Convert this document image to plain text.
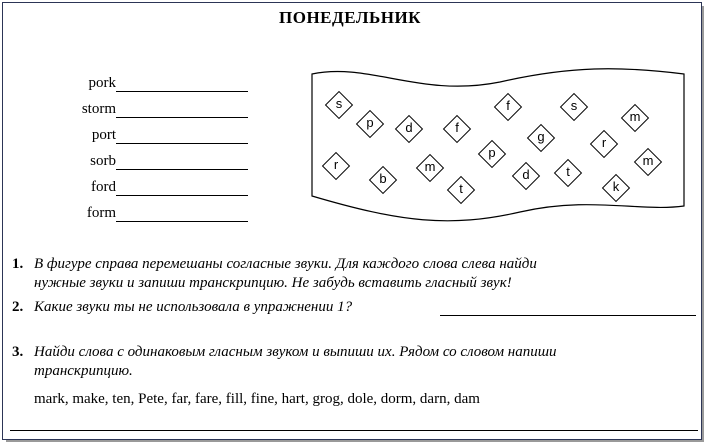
ПОНЕДЕЛЬНИК
pork
storm
port
sorb
ford
form
s
p	d	f
f
g
s
m
p
r
r
b
m
t
d	t
k
m
1. В фигуре справа перемешаны согласные звуки. Для каждого слова слева найди
нужные звуки и запиши транскрипцию. Не забудь вставить гласный звук!
2. Какие звуки ты не использовала в упражнении 1?
3. Найди слова с одинаковым гласным звуком и выпиши их. Рядом со словом напиши
транскрипцию.
mark, make, ten, Pete, far, fare, fill, fine, hart, grog, dole, dorm, darn, dam
